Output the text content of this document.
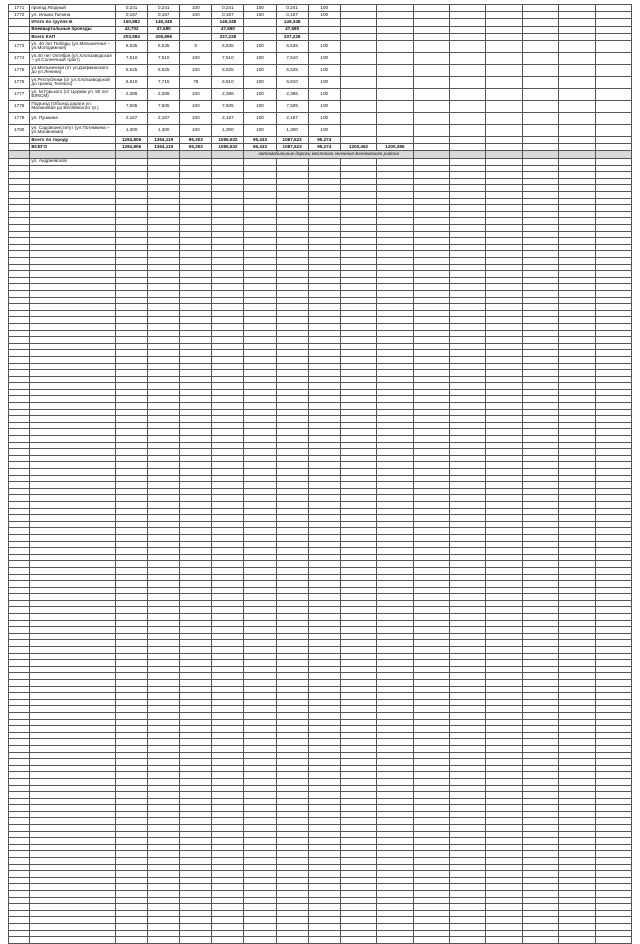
1771	проезд Ягодный	0,241	0,241	100	0,241	100	0,241	100								
1772	ул. Ильма Тычина	0,167	0,167	100	0,167	100	0,167	100								
	Итого по группе Б	160,882	149,348		149,348		149,348									
	Внеквартальные проезды	42,702	47,680		47,680		47,680									
	Всего КАП	203,584	206,895		237,228		237,228									
1773	ул. 40 лет Победы (ул.Мельничная – ул.Молодежная)	6,535	6,535	0	6,535	100	6,535	100								
1774	ул.40 лет Октября (ул.Хлопзаводская – ул.Солнечный тракт)	7,510	7,510	100	7,510	100	7,510	100								
1775	ул.Мельничная (от ул.Дзержинского до ул.Ленина)	5,525	5,525	100	5,525	100	5,525	100								
1776	ул.Республики (от ул.Хлопзаводской до границ Телекси)	6,810	7,715	79	6,810	100	6,810	100								
1777	ул. М.Горького (от Церкви ул. 50 лет ВЛКСМ)	2,386	2,386	100	2,386	100	2,386	100								
1778	Подъезд (Объезд дороги ул. Малиновая до Беляевского тр.)	7,505	7,505	100	7,505	100	7,505	100								
1779	ул. Пушкина	2,167	2,167	100	2,167	100	2,167	100								
1780	ул. Садовоинститут (ул.Потемкина – ул.Малиновая)	1,300	1,300	100	1,300	100	1,300	100								
	Всего по городу	1284,806	1364,119	95,303	1085,632	95,433	1087,623	95,274								
	ВСЕГО	1284,806	1364,119	95,303	1085,632	95,433	1087,623	95,274	1200,462	1200,385						
						Автомобильные дороги местного значения Беляевского района										
	ул. Андреевской															
